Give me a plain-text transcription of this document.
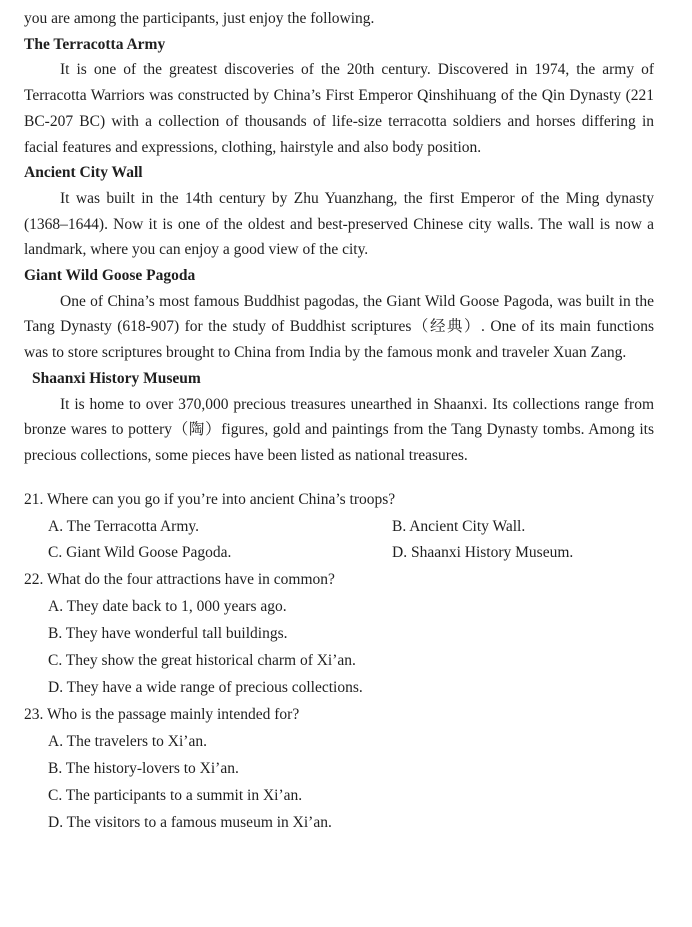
you are among the participants, just enjoy the following.
The Terracotta Army
It is one of the greatest discoveries of the 20th century. Discovered in 1974, the army of Terracotta Warriors was constructed by China’s First Emperor Qinshihuang of the Qin Dynasty (221 BC-207 BC) with a collection of thousands of life-size terracotta soldiers and horses differing in facial features and expressions, clothing, hairstyle and also body position.
Ancient City Wall
It was built in the 14th century by Zhu Yuanzhang, the first Emperor of the Ming dynasty (1368–1644). Now it is one of the oldest and best-preserved Chinese city walls. The wall is now a landmark, where you can enjoy a good view of the city.
Giant Wild Goose Pagoda
One of China’s most famous Buddhist pagodas, the Giant Wild Goose Pagoda, was built in the Tang Dynasty (618-907) for the study of Buddhist scriptures（经典）. One of its main functions was to store scriptures brought to China from India by the famous monk and traveler Xuan Zang.
Shaanxi History Museum
It is home to over 370,000 precious treasures unearthed in Shaanxi. Its collections range from bronze wares to pottery（陶）figures, gold and paintings from the Tang Dynasty tombs. Among its precious collections, some pieces have been listed as national treasures.
21. Where can you go if you’re into ancient China’s troops?
A. The Terracotta Army.	B. Ancient City Wall.
C. Giant Wild Goose Pagoda.	D. Shaanxi History Museum.
22. What do the four attractions have in common?
A. They date back to 1, 000 years ago.
B. They have wonderful tall buildings.
C. They show the great historical charm of Xi’an.
D. They have a wide range of precious collections.
23. Who is the passage mainly intended for?
A. The travelers to Xi’an.
B. The history-lovers to Xi’an.
C. The participants to a summit in Xi’an.
D. The visitors to a famous museum in Xi’an.
